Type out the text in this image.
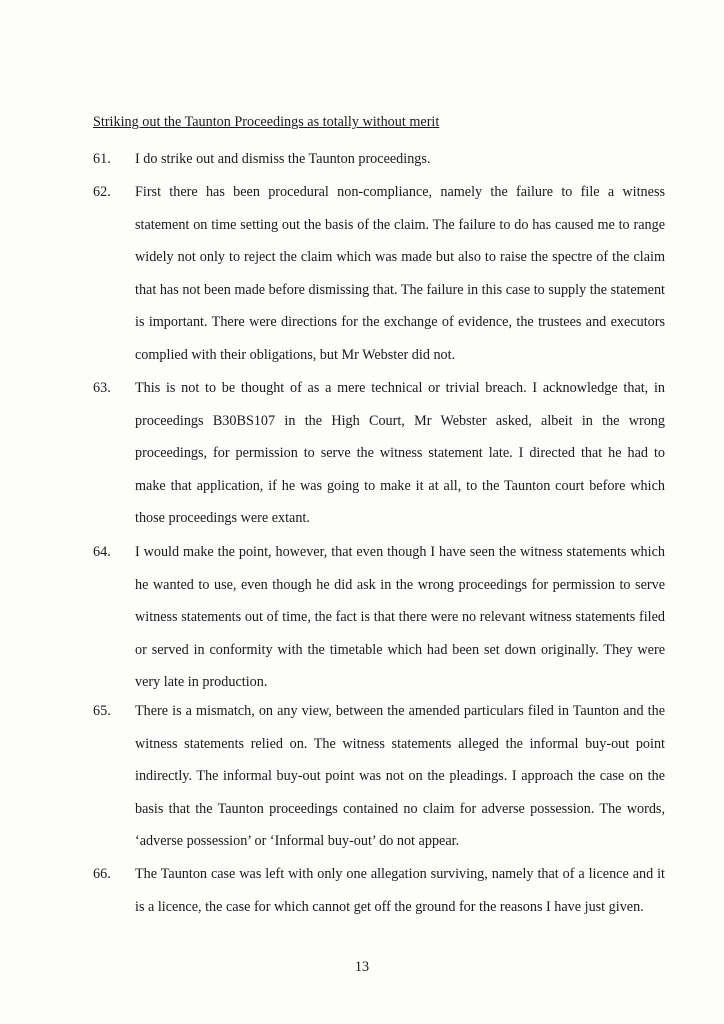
Striking out the Taunton Proceedings as totally without merit
61.	I do strike out and dismiss the Taunton proceedings.
62.	First there has been procedural non-compliance, namely the failure to file a witness statement on time setting out the basis of the claim. The failure to do has caused me to range widely not only to reject the claim which was made but also to raise the spectre of the claim that has not been made before dismissing that. The failure in this case to supply the statement is important. There were directions for the exchange of evidence, the trustees and executors complied with their obligations, but Mr Webster did not.
63.	This is not to be thought of as a mere technical or trivial breach. I acknowledge that, in proceedings B30BS107 in the High Court, Mr Webster asked, albeit in the wrong proceedings, for permission to serve the witness statement late. I directed that he had to make that application, if he was going to make it at all, to the Taunton court before which those proceedings were extant.
64.	I would make the point, however, that even though I have seen the witness statements which he wanted to use, even though he did ask in the wrong proceedings for permission to serve witness statements out of time, the fact is that there were no relevant witness statements filed or served in conformity with the timetable which had been set down originally. They were very late in production.
65.	There is a mismatch, on any view, between the amended particulars filed in Taunton and the witness statements relied on. The witness statements alleged the informal buy-out point indirectly. The informal buy-out point was not on the pleadings. I approach the case on the basis that the Taunton proceedings contained no claim for adverse possession. The words, ‘adverse possession’ or ‘Informal buy-out’ do not appear.
66.	The Taunton case was left with only one allegation surviving, namely that of a licence and it is a licence, the case for which cannot get off the ground for the reasons I have just given.
13
